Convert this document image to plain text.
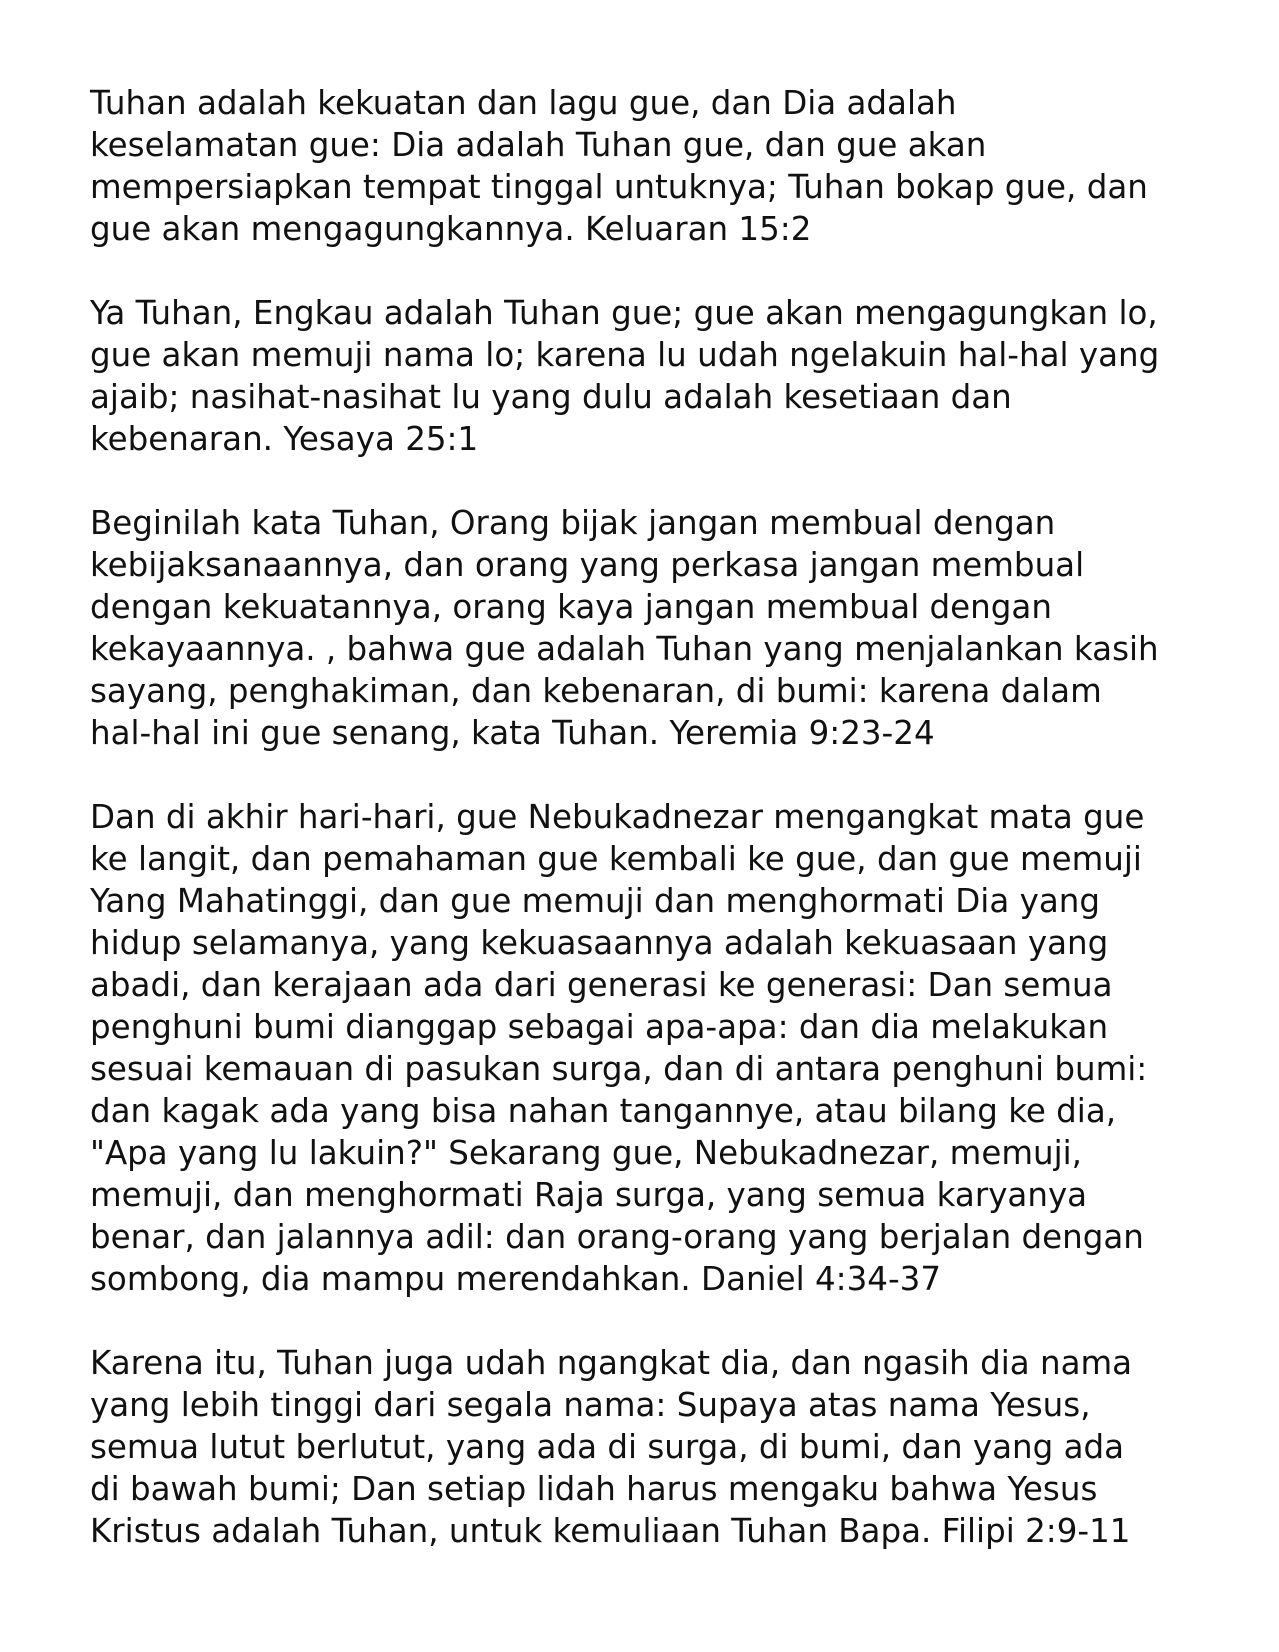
Tuhan adalah kekuatan dan lagu gue, dan Dia adalah
keselamatan gue: Dia adalah Tuhan gue, dan gue akan
mempersiapkan tempat tinggal untuknya; Tuhan bokap gue, dan
gue akan mengagungkannya. Keluaran 15:2

Ya Tuhan, Engkau adalah Tuhan gue; gue akan mengagungkan lo,
gue akan memuji nama lo; karena lu udah ngelakuin hal-hal yang
ajaib; nasihat-nasihat lu yang dulu adalah kesetiaan dan
kebenaran. Yesaya 25:1

Beginilah kata Tuhan, Orang bijak jangan membual dengan
kebijaksanaannya, dan orang yang perkasa jangan membual
dengan kekuatannya, orang kaya jangan membual dengan
kekayaannya. , bahwa gue adalah Tuhan yang menjalankan kasih
sayang, penghakiman, dan kebenaran, di bumi: karena dalam
hal-hal ini gue senang, kata Tuhan. Yeremia 9:23-24

Dan di akhir hari-hari, gue Nebukadnezar mengangkat mata gue
ke langit, dan pemahaman gue kembali ke gue, dan gue memuji
Yang Mahatinggi, dan gue memuji dan menghormati Dia yang
hidup selamanya, yang kekuasaannya adalah kekuasaan yang
abadi, dan kerajaan ada dari generasi ke generasi: Dan semua
penghuni bumi dianggap sebagai apa-apa: dan dia melakukan
sesuai kemauan di pasukan surga, dan di antara penghuni bumi:
dan kagak ada yang bisa nahan tangannye, atau bilang ke dia,
"Apa yang lu lakuin?" Sekarang gue, Nebukadnezar, memuji,
memuji, dan menghormati Raja surga, yang semua karyanya
benar, dan jalannya adil: dan orang-orang yang berjalan dengan
sombong, dia mampu merendahkan. Daniel 4:34-37

Karena itu, Tuhan juga udah ngangkat dia, dan ngasih dia nama
yang lebih tinggi dari segala nama: Supaya atas nama Yesus,
semua lutut berlutut, yang ada di surga, di bumi, dan yang ada
di bawah bumi; Dan setiap lidah harus mengaku bahwa Yesus
Kristus adalah Tuhan, untuk kemuliaan Tuhan Bapa. Filipi 2:9-11
